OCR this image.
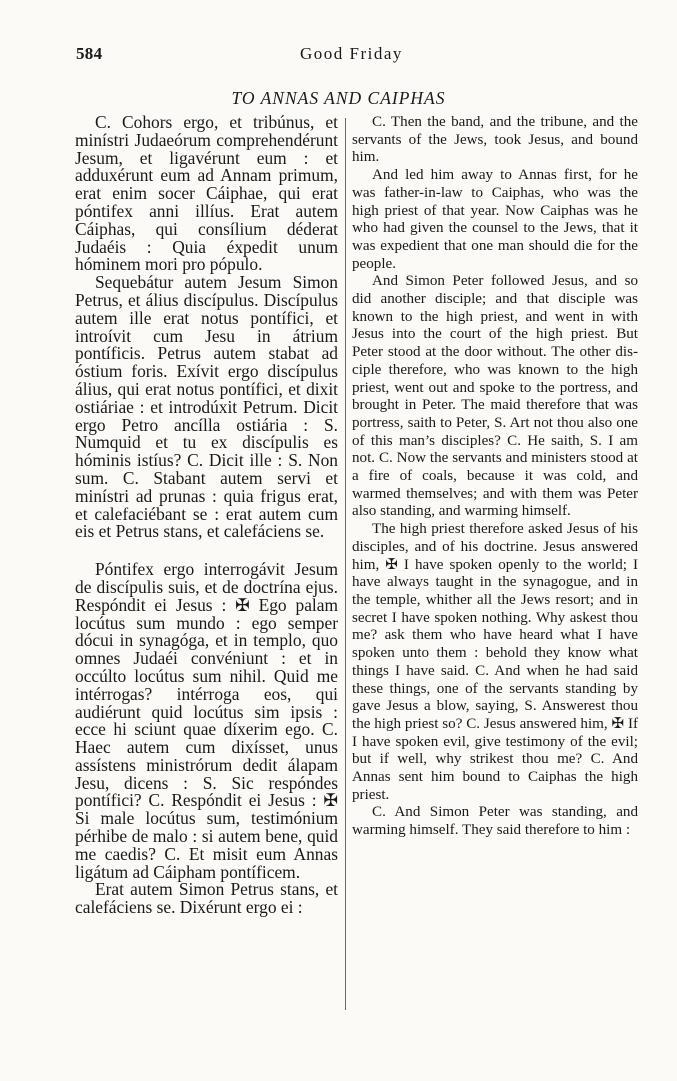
584	Good Friday
TO ANNAS AND CAIPHAS

C. Cohors ergo, et tribúnus, et minístri Judaeórum comprehendérunt Jesum, et ligavérunt eum : et adduxérunt eum ad Annam primum, erat enim socer Cáiphae, qui erat póntifex anni illíus. Erat autem Cáiphas, qui consílium déderat Judaéis : Quia éxpedit unum hóminem mori pro pópulo.

Sequebátur autem Jesum Simon Petrus, et álius discípulus. Discípulus autem ille erat notus pontífici, et introívit cum Jesu in átrium pontíficis. Petrus autem stabat ad óstium foris. Exívit ergo discípulus álius, qui erat notus pontífici, et dixit ostiáriae : et introdúxit Petrum. Dicit ergo Petro ancílla ostiária : S. Numquid et tu ex discípulis es hóminis istíus? C. Dicit ille : S. Non sum. C. Stabant autem servi et minístri ad prunas : quia frigus erat, et calefaciébant se : erat autem cum eis et Petrus stans, et calefáciens se.

Póntifex ergo interrogávit Jesum de discípulis suis, et de doctrína ejus. Respóndit ei Jesus : ✠ Ego palam locútus sum mundo : ego semper dócui in synagóga, et in templo, quo omnes Judaéi convéniunt : et in occúlto locútus sum nihil. Quid me intérrogas? intérroga eos, qui audiérunt quid locútus sim ipsis : ecce hi sciunt quae díxerim ego. C. Haec autem cum dixísset, unus assístens ministrórum dedit álapam Jesu, dicens : S. Sic respóndes pontífici? C. Respóndit ei Jesus : ✠ Si male locútus sum, testimónium pérhibe de malo : si autem bene, quid me caedis? C. Et misit eum Annas ligátum ad Cáipham pontíficem.

Erat autem Simon Petrus stans, et calefáciens se. Dixérunt ergo ei :

C. Then the band, and the tribune, and the servants of the Jews, took Jesus, and bound him.

And led him away to Annas first, for he was father-in-law to Caiphas, who was the high priest of that year. Now Caiphas was he who had given the counsel to the Jews, that it was expedient that one man should die for the people.

And Simon Peter followed Jesus, and so did another disciple; and that disciple was known to the high priest, and went in with Jesus into the court of the high priest. But Peter stood at the door without. The other disciple therefore, who was known to the high priest, went out and spoke to the portress, and brought in Peter. The maid therefore that was portress, saith to Peter, S. Art not thou also one of this man’s disciples? C. He saith, S. I am not. C. Now the servants and ministers stood at a fire of coals, because it was cold, and warmed themselves; and with them was Peter also standing, and warming himself.

The high priest therefore asked Jesus of his disciples, and of his doctrine. Jesus answered him, ✠ I have spoken openly to the world; I have always taught in the synagogue, and in the temple, whither all the Jews resort; and in secret I have spoken nothing. Why askest thou me? ask them who have heard what I have spoken unto them : behold they know what things I have said. C. And when he had said these things, one of the servants standing by gave Jesus a blow, saying, S. Answerest thou the high priest so? C. Jesus answered him, ✠ If I have spoken evil, give testimony of the evil; but if well, why strikest thou me? C. And Annas sent him bound to Caiphas the high priest.

C. And Simon Peter was standing, and warming himself. They said therefore to him :
